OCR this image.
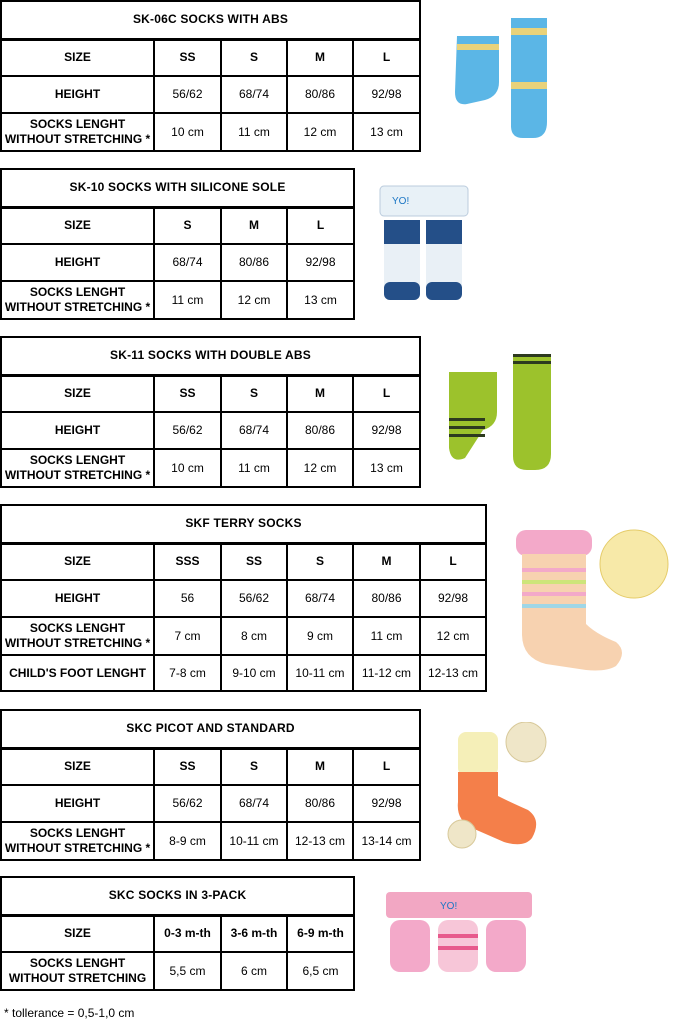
SK-06C SOCKS WITH ABS				
SIZE	SS	S	M	L
HEIGHT	56/62	68/74	80/86	92/98
SOCKS LENGHT WITHOUT STRETCHING *	10 cm	11 cm	12 cm	13 cm
SK-10 SOCKS WITH SILICONE SOLE			
SIZE	S	M	L
HEIGHT	68/74	80/86	92/98
SOCKS LENGHT WITHOUT STRETCHING *	11 cm	12 cm	13 cm
SK-11 SOCKS WITH DOUBLE ABS				
SIZE	SS	S	M	L
HEIGHT	56/62	68/74	80/86	92/98
SOCKS LENGHT WITHOUT STRETCHING *	10 cm	11 cm	12 cm	13 cm
SKF TERRY SOCKS					
SIZE	SSS	SS	S	M	L
HEIGHT	56	56/62	68/74	80/86	92/98
SOCKS LENGHT WITHOUT STRETCHING *	7 cm	8 cm	9 cm	11 cm	12 cm
CHILD'S FOOT LENGHT	7-8 cm	9-10 cm	10-11 cm	11-12 cm	12-13 cm
SKC PICOT AND STANDARD				
SIZE	SS	S	M	L
HEIGHT	56/62	68/74	80/86	92/98
SOCKS LENGHT WITHOUT STRETCHING *	8-9 cm	10-11 cm	12-13 cm	13-14 cm
SKC SOCKS IN 3-PACK			
SIZE	0-3 m-th	3-6 m-th	6-9 m-th
SOCKS LENGHT WITHOUT STRETCHING	5,5 cm	6 cm	6,5 cm
YO!
YO!
* tollerance = 0,5-1,0 cm
